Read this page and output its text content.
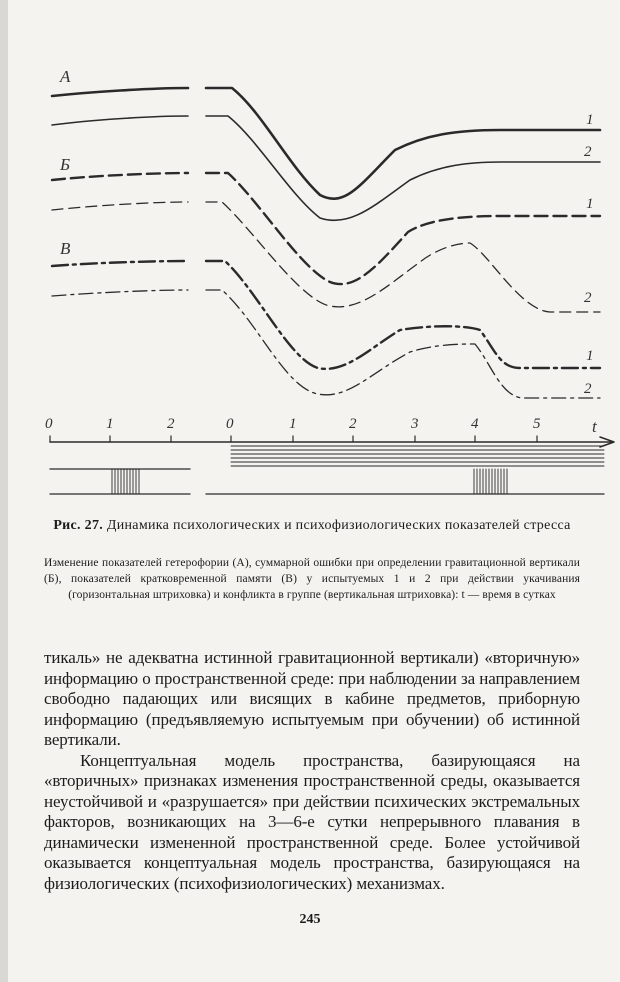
А
Б
В
1
2
1
2
1
2
0	1	2	0	1	2	3	4	5	t
Рис. 27. Динамика психологических и психофизиологических показателей стресса
Изменение показателей гетерофории (А), суммарной ошибки при определении гравитационной вертикали (Б), показателей кратковременной памяти (В) у испытуемых 1 и 2 при действии укачивания (горизонтальная штриховка) и конфликта в группе (вертикальная штриховка): t — время в сутках

тикаль» не адекватна истинной гравитационной вертикали) «вторичную» информацию о пространственной среде: при наблюдении за направлением свободно падающих или висящих в кабине предметов, приборную информацию (предъявляемую испытуемым при обучении) об истинной вертикали.

Концептуальная модель пространства, базирующаяся на «вторичных» признаках изменения пространственной среды, оказывается неустойчивой и «разрушается» при действии психических экстремальных факторов, возникающих на 3—6-е сутки непрерывного плавания в динамически измененной пространственной среде. Более устойчивой оказывается концептуальная модель пространства, базирующаяся на физиологических (психофизиологических) механизмах.

245
